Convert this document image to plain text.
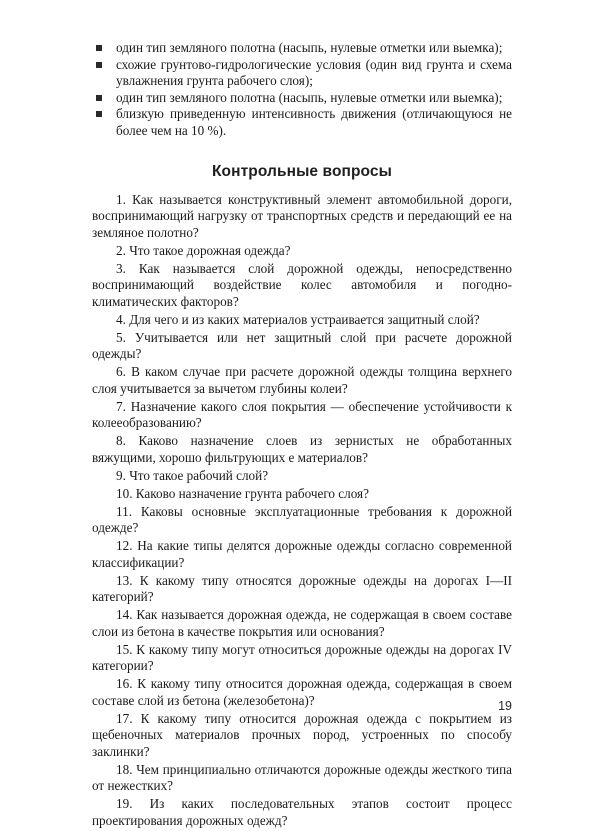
один тип земляного полотна (насыпь, нулевые отметки или выемка);
схожие грунтово-гидрологические условия (один вид грунта и схема увлажнения грунта рабочего слоя);
один тип земляного полотна (насыпь, нулевые отметки или выемка);
близкую приведенную интенсивность движения (отличающуюся не более чем на 10 %).
Контрольные вопросы

1. Как называется конструктивный элемент автомобильной дороги, воспринимающий нагрузку от транспортных средств и передающий ее на земляное полотно?

2. Что такое дорожная одежда?

3. Как называется слой дорожной одежды, непосредственно воспринимающий воздействие колес автомобиля и погодно-климатических факторов?

4. Для чего и из каких материалов устраивается защитный слой?

5. Учитывается или нет защитный слой при расчете дорожной одежды?

6. В каком случае при расчете дорожной одежды толщина верхнего слоя учитывается за вычетом глубины колеи?

7. Назначение какого слоя покрытия — обеспечение устойчивости к колееобразованию?

8. Каково назначение слоев из зернистых не обработанных вяжущими, хорошо фильтрующих е материалов?

9. Что такое рабочий слой?

10. Каково назначение грунта рабочего слоя?

11. Каковы основные эксплуатационные требования к дорожной одежде?

12. На какие типы делятся дорожные одежды согласно современной классификации?

13. К какому типу относятся дорожные одежды на дорогах I—II категорий?

14. Как называется дорожная одежда, не содержащая в своем составе слои из бетона в качестве покрытия или основания?

15. К какому типу могут относиться дорожные одежды на дорогах IV категории?

16. К какому типу относится дорожная одежда, содержащая в своем составе слой из бетона (железобетона)?

17. К какому типу относится дорожная одежда с покрытием из щебеночных материалов прочных пород, устроенных по способу заклинки?

18. Чем принципиально отличаются дорожные одежды жесткого типа от нежестких?

19. Из каких последовательных этапов состоит процесс проектирования дорожных одежд?

19
